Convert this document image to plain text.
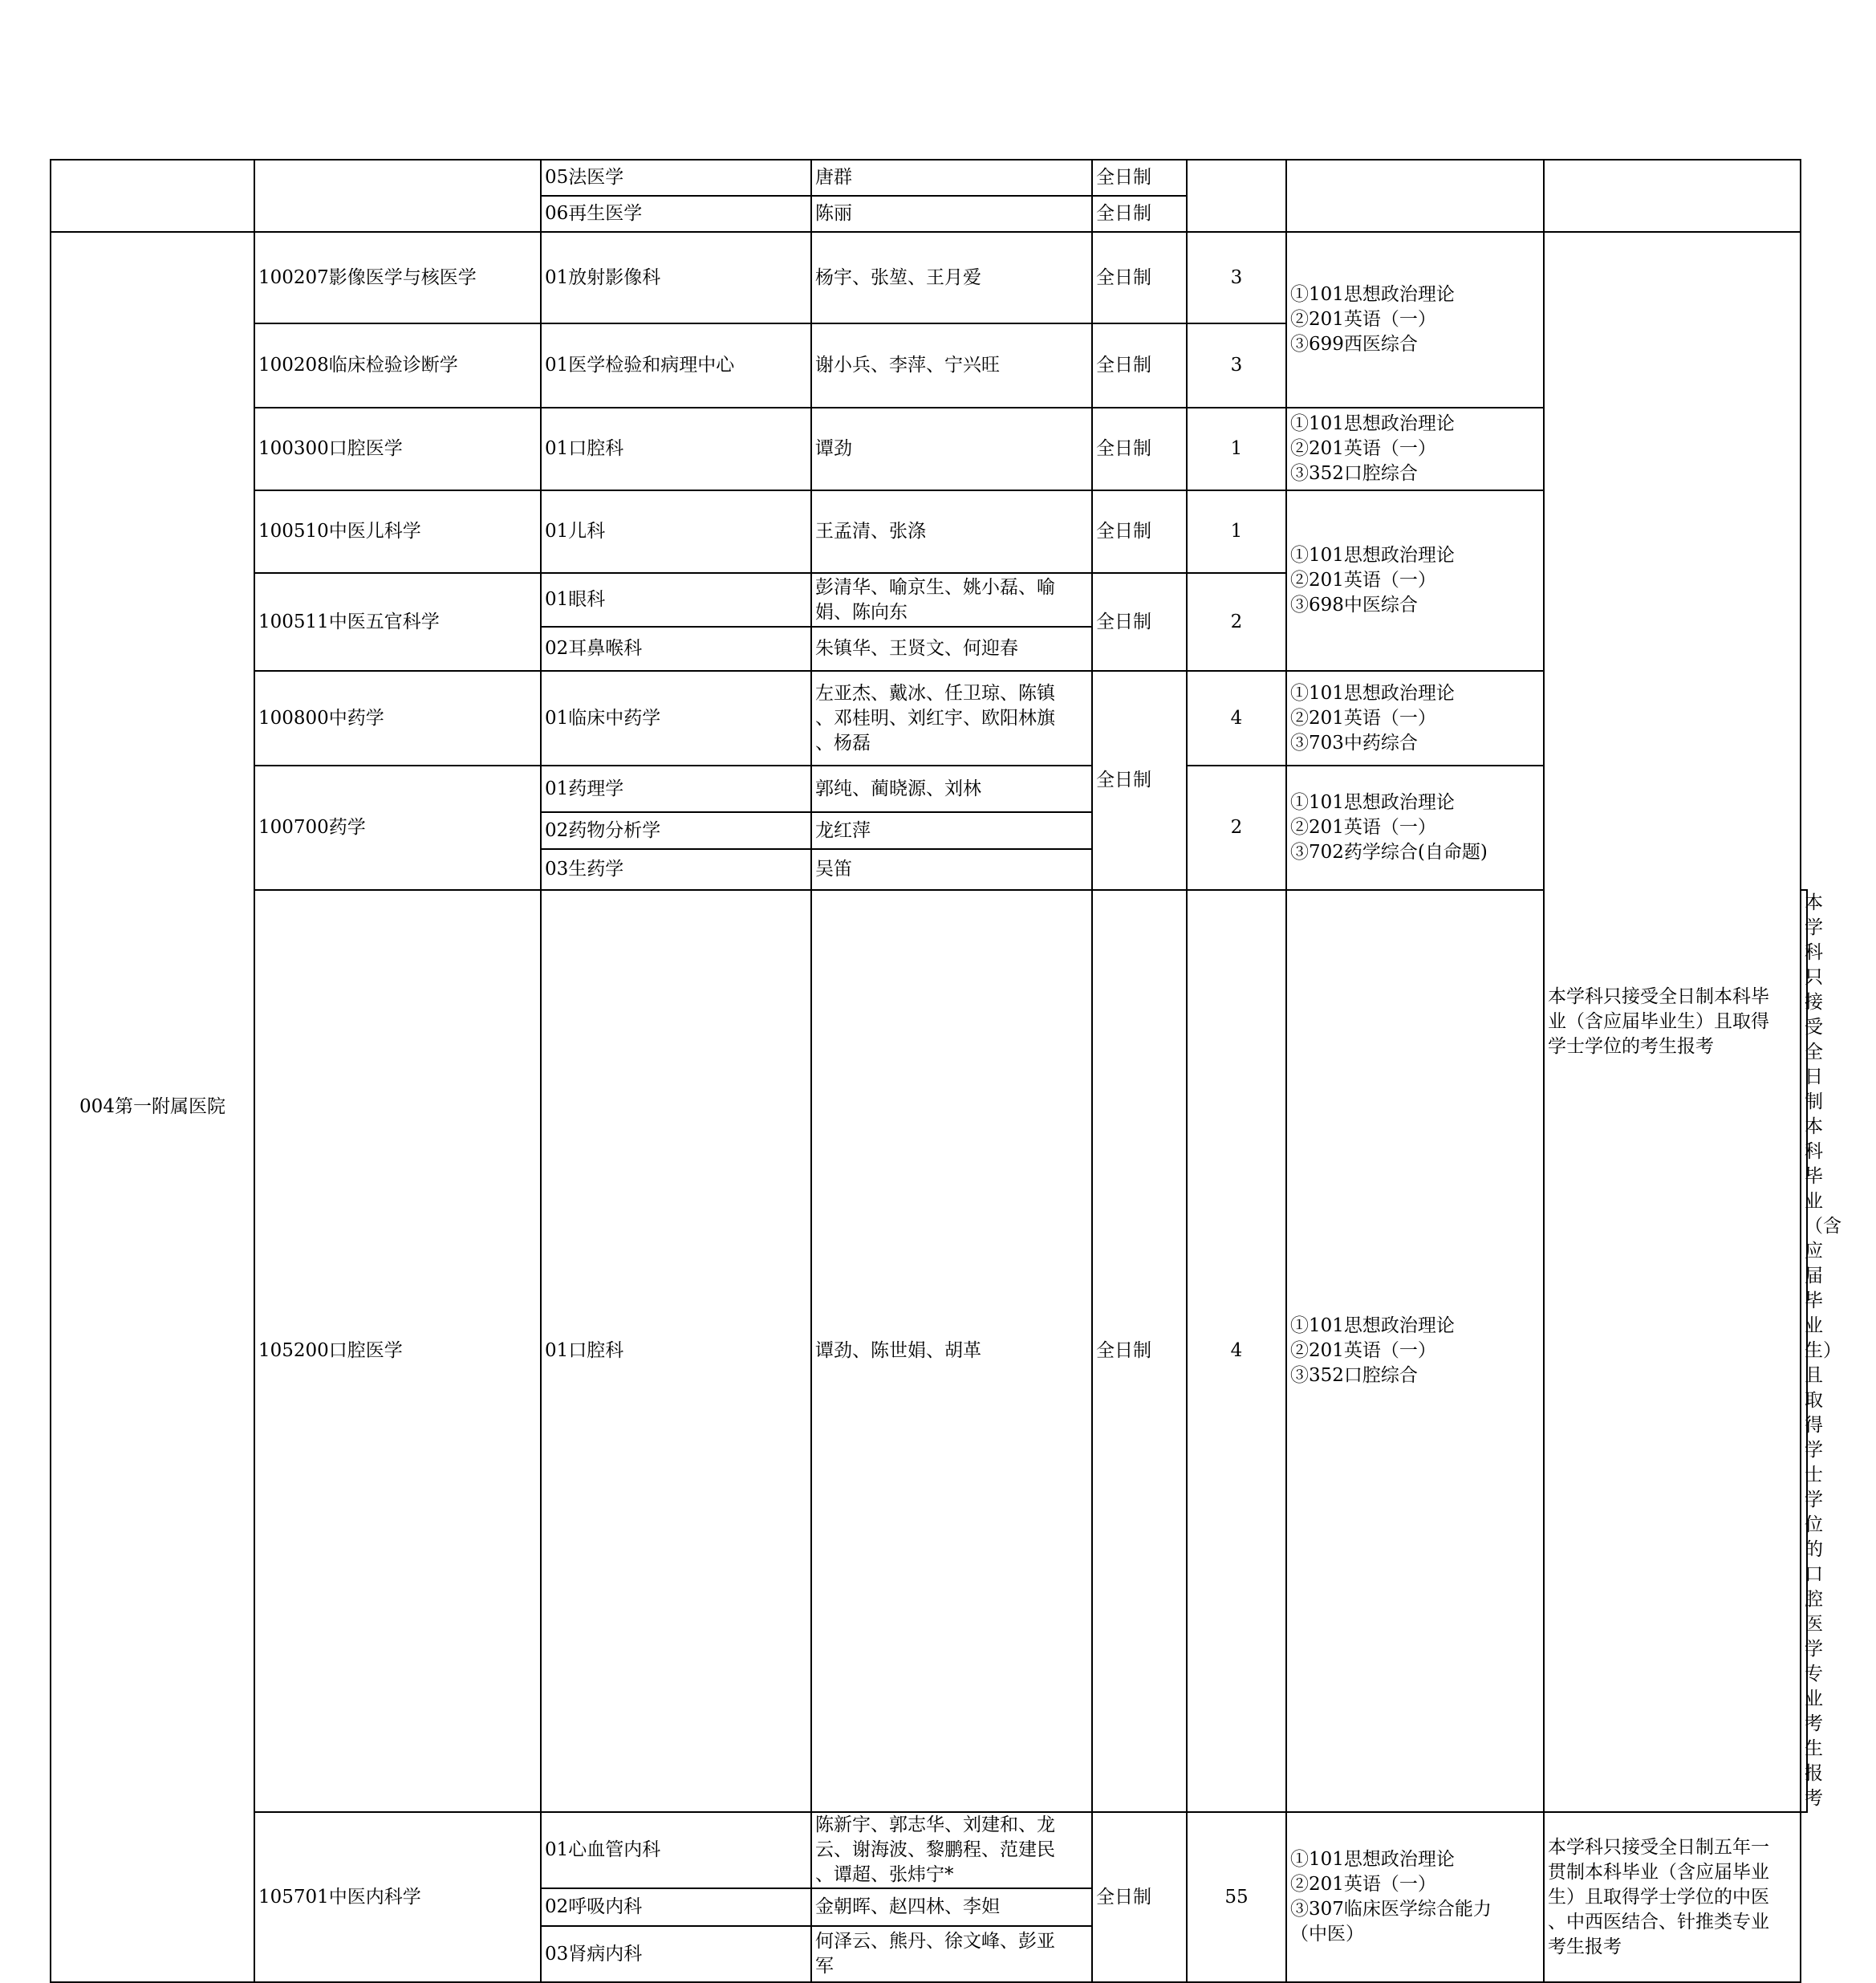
		05法医学	唐群	全日制				
		06再生医学	陈丽	全日制				
004第一附属医院	100207影像医学与核医学	01放射影像科	杨宇、张堃、王月爱	全日制	3	①101思想政治理论
②201英语（一）
③699西医综合	本学科只接受全日制本科毕
业（含应届毕业生）且取得
学士学位的考生报考	
	100208临床检验诊断学	01医学检验和病理中心	谢小兵、李萍、宁兴旺	全日制	3			
	100300口腔医学	01口腔科	谭劲	全日制	1	①101思想政治理论
②201英语（一）
③352口腔综合		
	100510中医儿科学	01儿科	王孟清、张涤	全日制	1	①101思想政治理论
②201英语（一）
③698中医综合		
	100511中医五官科学	01眼科	彭清华、喻京生、姚小磊、喻
娟、陈向东	全日制	2			
		02耳鼻喉科	朱镇华、王贤文、何迎春					
	100800中药学	01临床中药学	左亚杰、戴冰、任卫琼、陈镇
、邓桂明、刘红宇、欧阳林旗
、杨磊	全日制	4	①101思想政治理论
②201英语（一）
③703中药综合		
	100700药学	01药理学	郭纯、蔺晓源、刘林		2	①101思想政治理论
②201英语（一）
③702药学综合(自命题)		
		02药物分析学	龙红萍					
		03生药学	吴笛					
	105200口腔医学	01口腔科	谭劲、陈世娟、胡革	全日制	4	①101思想政治理论
②201英语（一）
③352口腔综合		本学科只接受全日制本科毕
业（含应届毕业生）且取得
学士学位的口腔医学专业考
生报考
	105701中医内科学	01心血管内科	陈新宇、郭志华、刘建和、龙
云、谢海波、黎鹏程、范建民
、谭超、张炜宁*	全日制	55	①101思想政治理论
②201英语（一）
③307临床医学综合能力
（中医）	本学科只接受全日制五年一
贯制本科毕业（含应届毕业
生）且取得学士学位的中医
、中西医结合、针推类专业
考生报考	
		02呼吸内科	金朝晖、赵四林、李妲					
		03肾病内科	何泽云、熊丹、徐文峰、彭亚
军					
